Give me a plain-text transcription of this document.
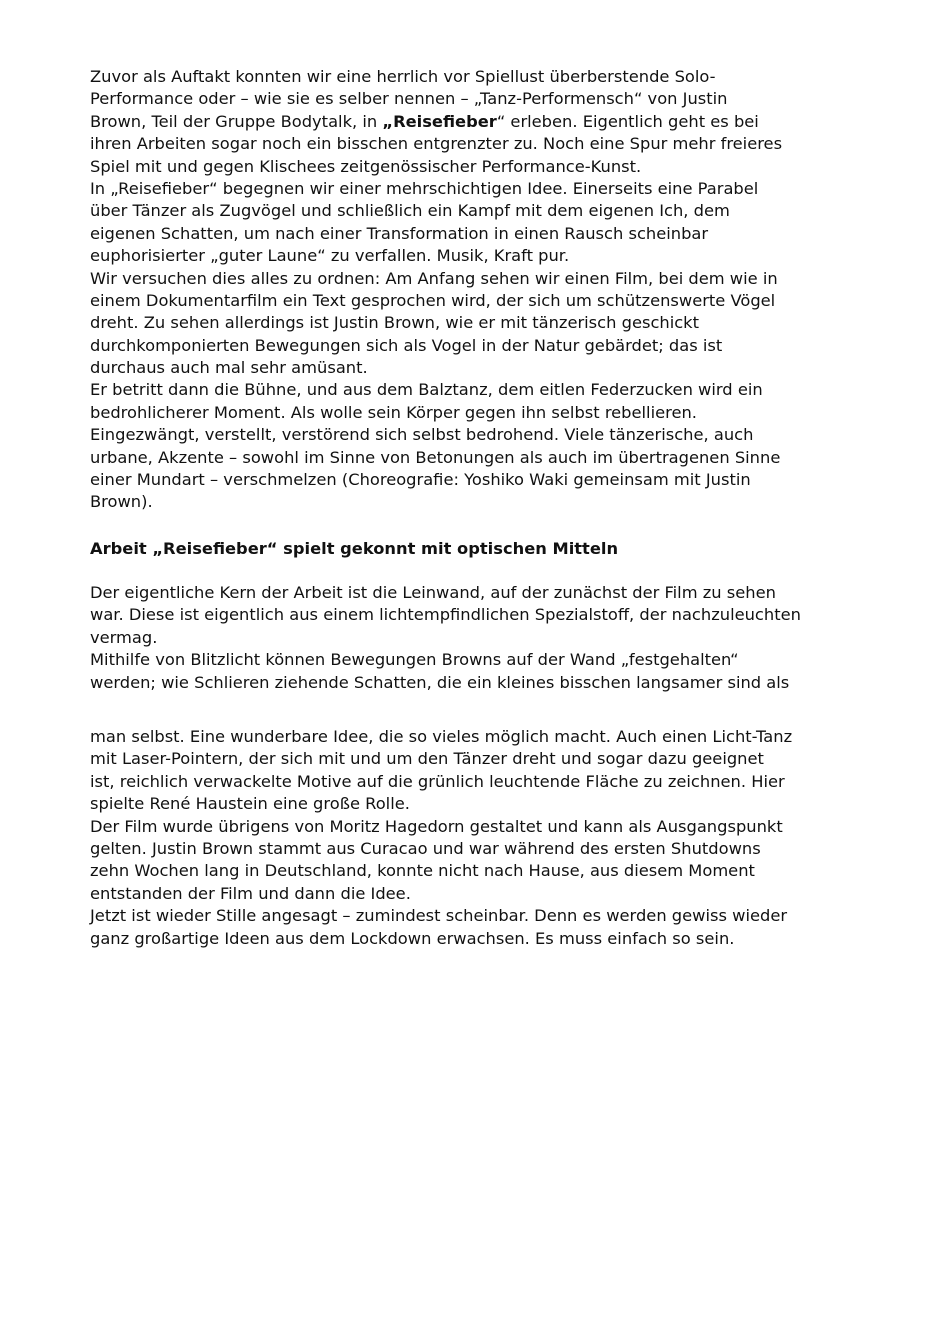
Zuvor als Auftakt konnten wir eine herrlich vor Spiellust überberstende Solo-
Performance oder – wie sie es selber nennen – „Tanz-Performensch“ von Justin
Brown, Teil der Gruppe Bodytalk, in „Reisefieber“ erleben. Eigentlich geht es bei
ihren Arbeiten sogar noch ein bisschen entgrenzter zu. Noch eine Spur mehr freieres
Spiel mit und gegen Klischees zeitgenössischer Performance-Kunst.
In „Reisefieber“ begegnen wir einer mehrschichtigen Idee. Einerseits eine Parabel
über Tänzer als Zugvögel und schließlich ein Kampf mit dem eigenen Ich, dem
eigenen Schatten, um nach einer Transformation in einen Rausch scheinbar
euphorisierter „guter Laune“ zu verfallen. Musik, Kraft pur.
Wir versuchen dies alles zu ordnen: Am Anfang sehen wir einen Film, bei dem wie in
einem Dokumentarfilm ein Text gesprochen wird, der sich um schützenswerte Vögel
dreht. Zu sehen allerdings ist Justin Brown, wie er mit tänzerisch geschickt
durchkomponierten Bewegungen sich als Vogel in der Natur gebärdet; das ist
durchaus auch mal sehr amüsant.
Er betritt dann die Bühne, und aus dem Balztanz, dem eitlen Federzucken wird ein
bedrohlicherer Moment. Als wolle sein Körper gegen ihn selbst rebellieren.
Eingezwängt, verstellt, verstörend sich selbst bedrohend. Viele tänzerische, auch
urbane, Akzente – sowohl im Sinne von Betonungen als auch im übertragenen Sinne
einer Mundart – verschmelzen (Choreografie: Yoshiko Waki gemeinsam mit Justin
Brown).
Arbeit „Reisefieber“ spielt gekonnt mit optischen Mitteln
Der eigentliche Kern der Arbeit ist die Leinwand, auf der zunächst der Film zu sehen
war. Diese ist eigentlich aus einem lichtempfindlichen Spezialstoff, der nachzuleuchten
vermag.
Mithilfe von Blitzlicht können Bewegungen Browns auf der Wand „festgehalten“
werden; wie Schlieren ziehende Schatten, die ein kleines bisschen langsamer sind als
man selbst. Eine wunderbare Idee, die so vieles möglich macht. Auch einen Licht-Tanz
mit Laser-Pointern, der sich mit und um den Tänzer dreht und sogar dazu geeignet
ist, reichlich verwackelte Motive auf die grünlich leuchtende Fläche zu zeichnen. Hier
spielte René Haustein eine große Rolle.
Der Film wurde übrigens von Moritz Hagedorn gestaltet und kann als Ausgangspunkt
gelten. Justin Brown stammt aus Curacao und war während des ersten Shutdowns
zehn Wochen lang in Deutschland, konnte nicht nach Hause, aus diesem Moment
entstanden der Film und dann die Idee.
Jetzt ist wieder Stille angesagt – zumindest scheinbar. Denn es werden gewiss wieder
ganz großartige Ideen aus dem Lockdown erwachsen. Es muss einfach so sein.
